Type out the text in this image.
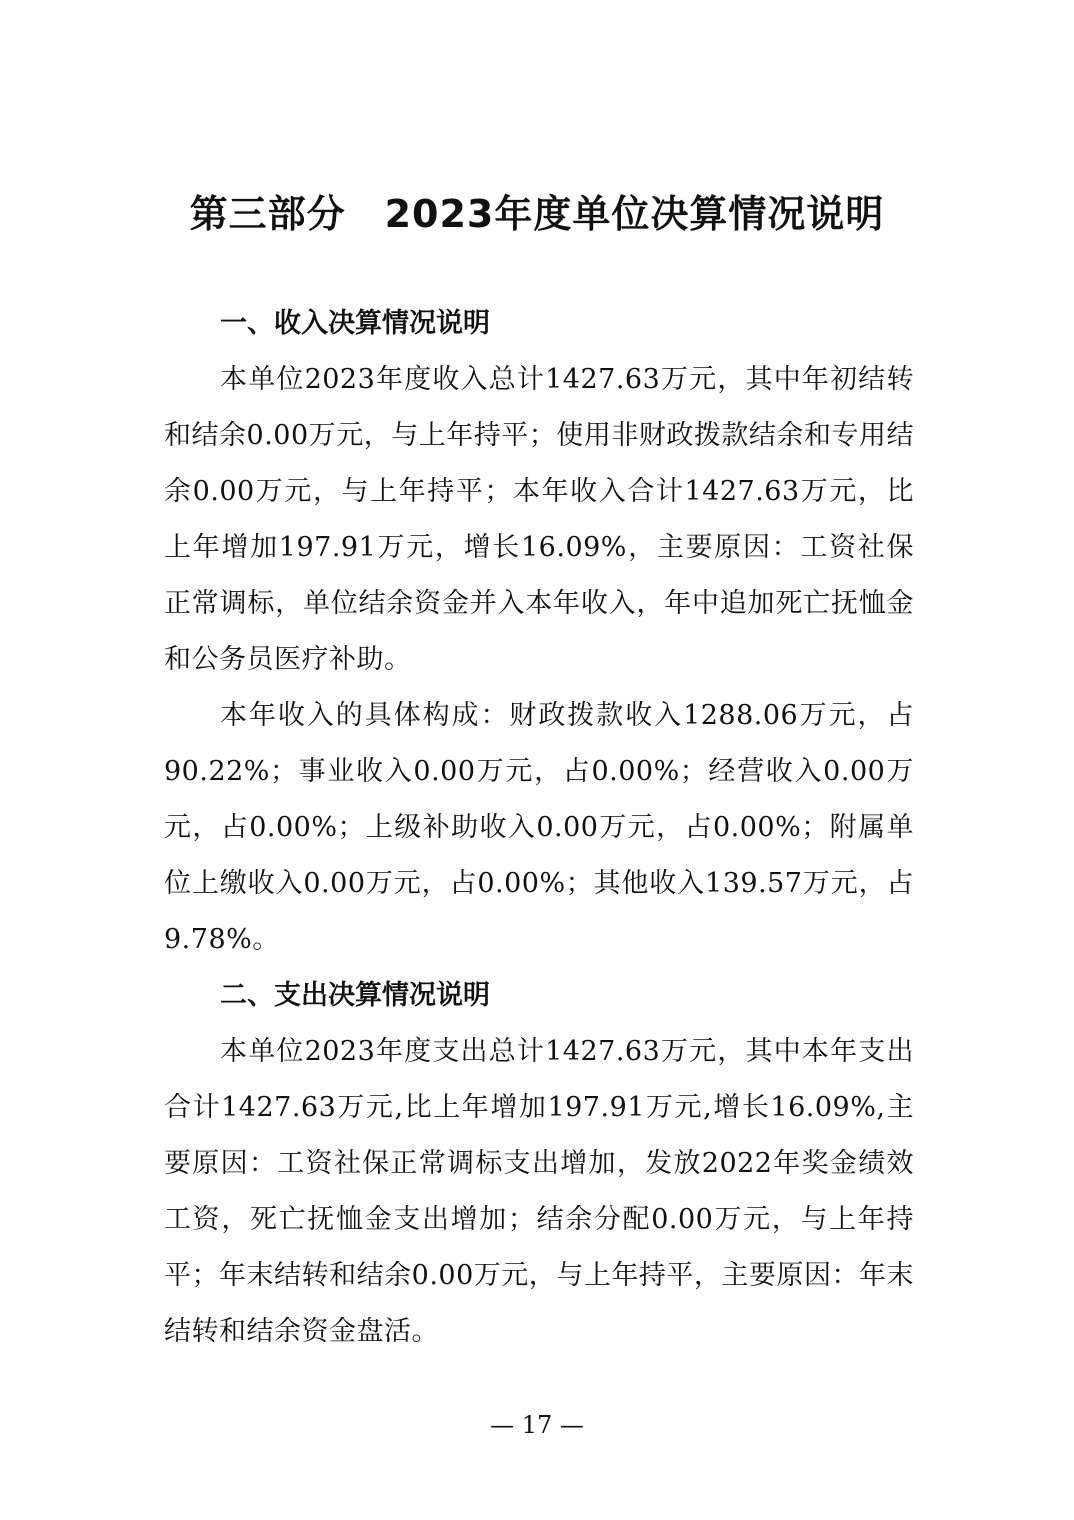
第三部分　2023年度单位决算情况说明

一、收入决算情况说明

本单位2023年度收入总计1427.63万元，其中年初结转和结余0.00万元，与上年持平；使用非财政拨款结余和专用结余0.00万元，与上年持平；本年收入合计1427.63万元，比上年增加197.91万元，增长16.09%，主要原因：工资社保正常调标，单位结余资金并入本年收入，年中追加死亡抚恤金和公务员医疗补助。

本年收入的具体构成：财政拨款收入1288.06万元，占90.22%；事业收入0.00万元，占0.00%；经营收入0.00万元，占0.00%；上级补助收入0.00万元，占0.00%；附属单位上缴收入0.00万元，占0.00%；其他收入139.57万元，占9.78%。

二、支出决算情况说明

本单位2023年度支出总计1427.63万元，其中本年支出合计1427.63万元,比上年增加197.91万元,增长16.09%,主要原因：工资社保正常调标支出增加，发放2022年奖金绩效工资，死亡抚恤金支出增加；结余分配0.00万元，与上年持平；年末结转和结余0.00万元，与上年持平，主要原因：年末结转和结余资金盘活。

— 17 —
